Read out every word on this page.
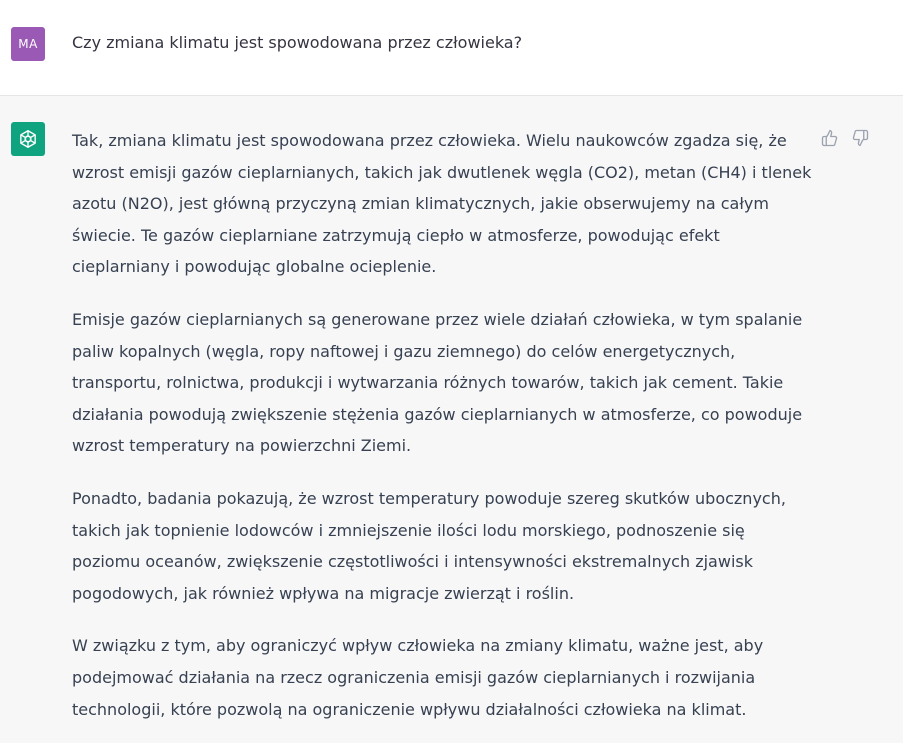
MA	Czy zmiana klimatu jest spowodowana przez człowieka?

Tak, zmiana klimatu jest spowodowana przez człowieka. Wielu naukowców zgadza się, że wzrost emisji gazów cieplarnianych, takich jak dwutlenek węgla (CO2), metan (CH4) i tlenek azotu (N2O), jest główną przyczyną zmian klimatycznych, jakie obserwujemy na całym świecie. Te gazów cieplarniane zatrzymują ciepło w atmosferze, powodując efekt cieplarniany i powodując globalne ocieplenie.

Emisje gazów cieplarnianych są generowane przez wiele działań człowieka, w tym spalanie paliw kopalnych (węgla, ropy naftowej i gazu ziemnego) do celów energetycznych, transportu, rolnictwa, produkcji i wytwarzania różnych towarów, takich jak cement. Takie działania powodują zwiększenie stężenia gazów cieplarnianych w atmosferze, co powoduje wzrost temperatury na powierzchni Ziemi.

Ponadto, badania pokazują, że wzrost temperatury powoduje szereg skutków ubocznych, takich jak topnienie lodowców i zmniejszenie ilości lodu morskiego, podnoszenie się poziomu oceanów, zwiększenie częstotliwości i intensywności ekstremalnych zjawisk pogodowych, jak również wpływa na migracje zwierząt i roślin.

W związku z tym, aby ograniczyć wpływ człowieka na zmiany klimatu, ważne jest, aby podejmować działania na rzecz ograniczenia emisji gazów cieplarnianych i rozwijania technologii, które pozwolą na ograniczenie wpływu działalności człowieka na klimat.
